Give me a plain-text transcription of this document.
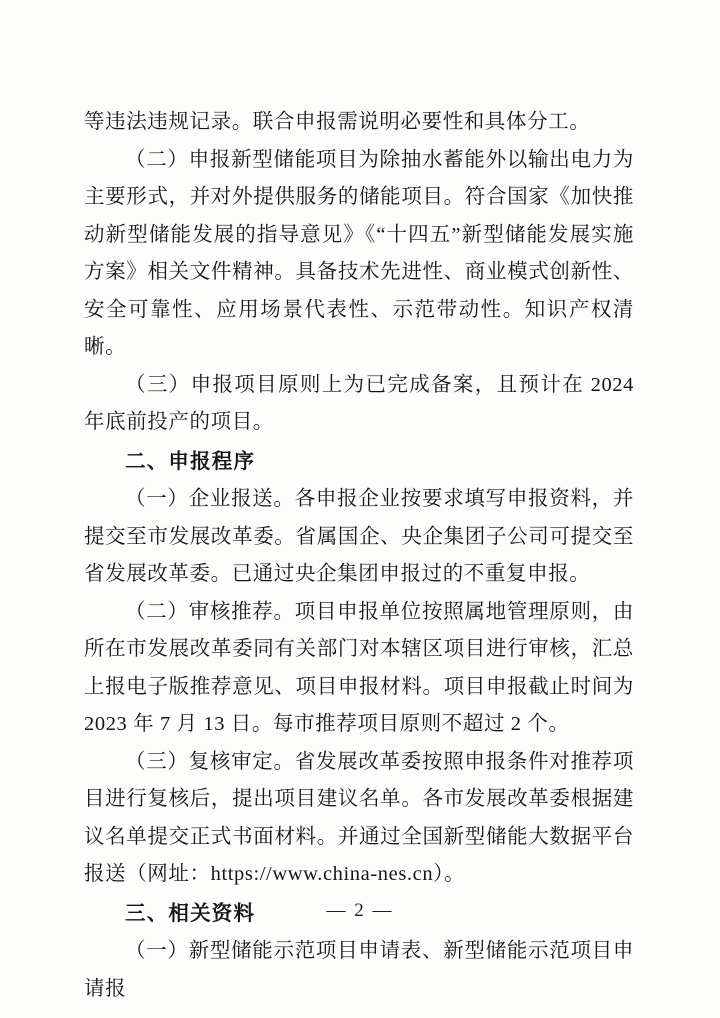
等违法违规记录。联合申报需说明必要性和具体分工。

（二）申报新型储能项目为除抽水蓄能外以输出电力为主要形式，并对外提供服务的储能项目。符合国家《加快推动新型储能发展的指导意见》《“十四五”新型储能发展实施方案》相关文件精神。具备技术先进性、商业模式创新性、安全可靠性、应用场景代表性、示范带动性。知识产权清晰。

（三）申报项目原则上为已完成备案，且预计在 2024 年底前投产的项目。

二、申报程序

（一）企业报送。各申报企业按要求填写申报资料，并提交至市发展改革委。省属国企、央企集团子公司可提交至省发展改革委。已通过央企集团申报过的不重复申报。

（二）审核推荐。项目申报单位按照属地管理原则，由所在市发展改革委同有关部门对本辖区项目进行审核，汇总上报电子版推荐意见、项目申报材料。项目申报截止时间为 2023 年 7 月 13 日。每市推荐项目原则不超过 2 个。

（三）复核审定。省发展改革委按照申报条件对推荐项目进行复核后，提出项目建议名单。各市发展改革委根据建议名单提交正式书面材料。并通过全国新型储能大数据平台报送（网址：https://www.china-nes.cn）。

三、相关资料

（一）新型储能示范项目申请表、新型储能示范项目申请报

— 2 —
